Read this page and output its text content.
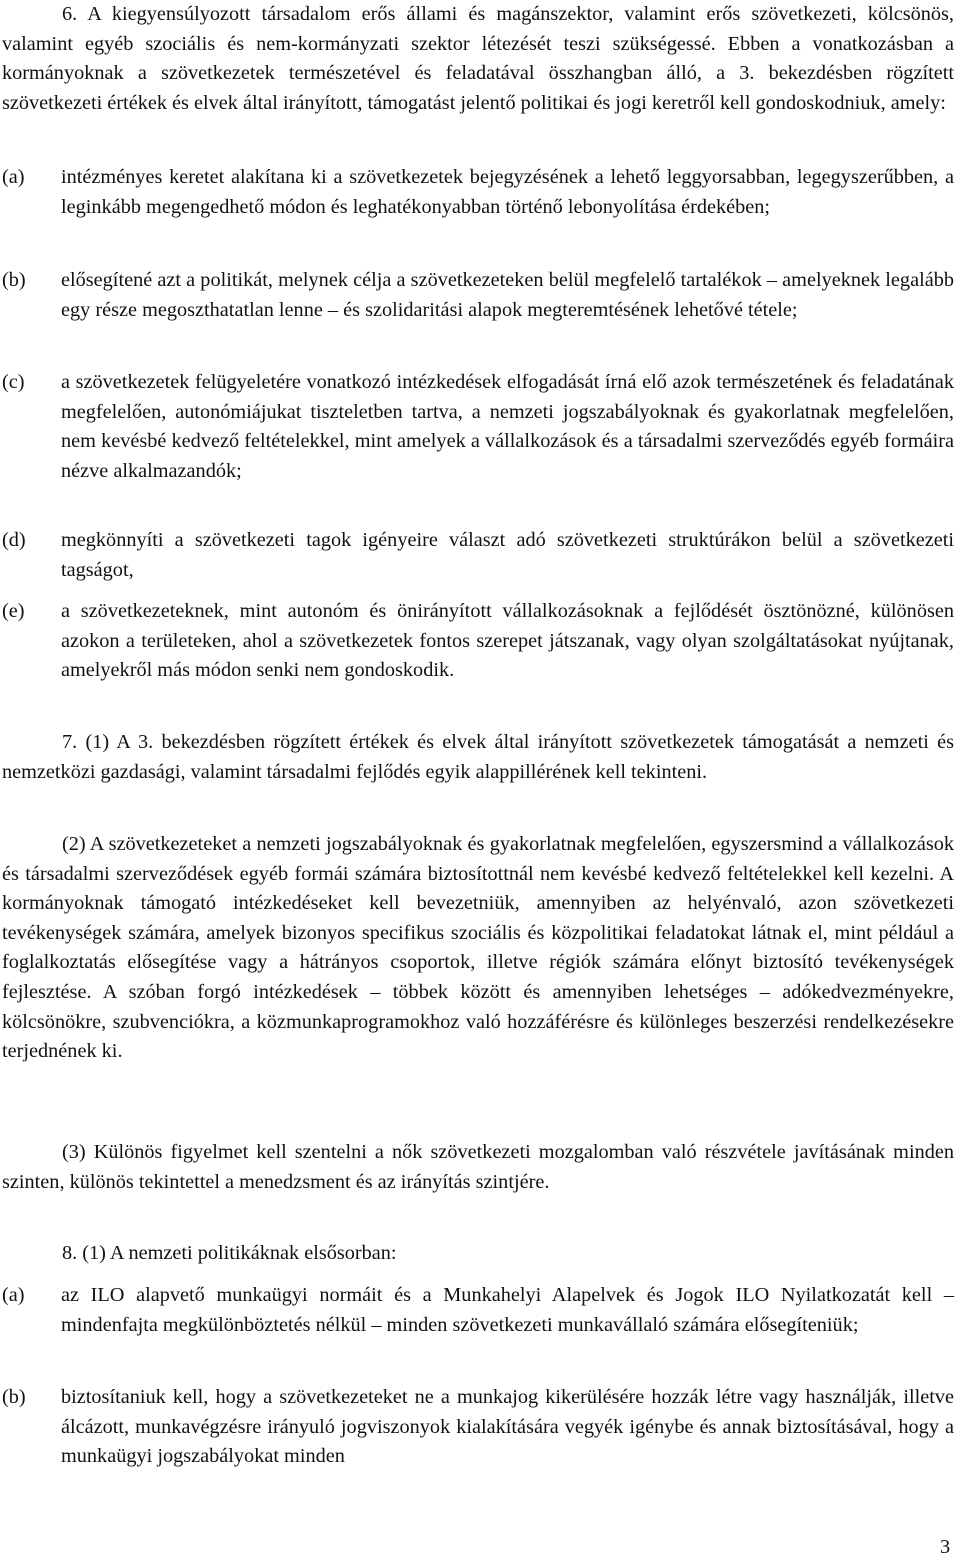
6. A kiegyensúlyozott társadalom erős állami és magánszektor, valamint erős szövetkezeti, kölcsönös, valamint egyéb szociális és nem-kormányzati szektor létezését teszi szükségessé. Ebben a vonatkozásban a kormányoknak a szövetkezetek természetével és feladatával összhangban álló, a 3. bekezdésben rögzített szövetkezeti értékek és elvek által irányított, támogatást jelentő politikai és jogi keretről kell gondoskodniuk, amely:

(a) intézményes keretet alakítana ki a szövetkezetek bejegyzésének a lehető leggyorsabban, legegyszerűbben, a leginkább megengedhető módon és leghatékonyabban történő lebonyolítása érdekében;
(b) elősegítené azt a politikát, melynek célja a szövetkezeteken belül megfelelő tartalékok – amelyeknek legalább egy része megoszthatatlan lenne – és szolidaritási alapok megteremtésének lehetővé tétele;
(c) a szövetkezetek felügyeletére vonatkozó intézkedések elfogadását írná elő azok természetének és feladatának megfelelően, autonómiájukat tiszteletben tartva, a nemzeti jogszabályoknak és gyakorlatnak megfelelően, nem kevésbé kedvező feltételekkel, mint amelyek a vállalkozások és a társadalmi szerveződés egyéb formáira nézve alkalmazandók;
(d) megkönnyíti a szövetkezeti tagok igényeire választ adó szövetkezeti struktúrákon belül a szövetkezeti tagságot,
(e) a szövetkezeteknek, mint autonóm és önirányított vállalkozásoknak a fejlődését ösztönözné, különösen azokon a területeken, ahol a szövetkezetek fontos szerepet játszanak, vagy olyan szolgáltatásokat nyújtanak, amelyekről más módon senki nem gondoskodik.

7. (1) A 3. bekezdésben rögzített értékek és elvek által irányított szövetkezetek támogatását a nemzeti és nemzetközi gazdasági, valamint társadalmi fejlődés egyik alappillérének kell tekinteni.

(2) A szövetkezeteket a nemzeti jogszabályoknak és gyakorlatnak megfelelően, egyszersmind a vállalkozások és társadalmi szerveződések egyéb formái számára biztosítottnál nem kevésbé kedvező feltételekkel kell kezelni. A kormányoknak támogató intézkedéseket kell bevezetniük, amennyiben az helyénvaló, azon szövetkezeti tevékenységek számára, amelyek bizonyos specifikus szociális és közpolitikai feladatokat látnak el, mint például a foglalkoztatás elősegítése vagy a hátrányos csoportok, illetve régiók számára előnyt biztosító tevékenységek fejlesztése. A szóban forgó intézkedések – többek között és amennyiben lehetséges – adókedvezményekre, kölcsönökre, szubvenciókra, a közmunkaprogramokhoz való hozzáférésre és különleges beszerzési rendelkezésekre terjednének ki.

(3) Különös figyelmet kell szentelni a nők szövetkezeti mozgalomban való részvétele javításának minden szinten, különös tekintettel a menedzsment és az irányítás szintjére.

8. (1) A nemzeti politikáknak elsősorban:
(a) az ILO alapvető munkaügyi normáit és a Munkahelyi Alapelvek és Jogok ILO Nyilatkozatát kell – mindenfajta megkülönböztetés nélkül – minden szövetkezeti munkavállaló számára elősegíteniük;
(b) biztosítaniuk kell, hogy a szövetkezeteket ne a munkajog kikerülésére hozzák létre vagy használják, illetve álcázott, munkavégzésre irányuló jogviszonyok kialakítására vegyék igénybe és annak biztosításával, hogy a munkaügyi jogszabályokat minden
3
